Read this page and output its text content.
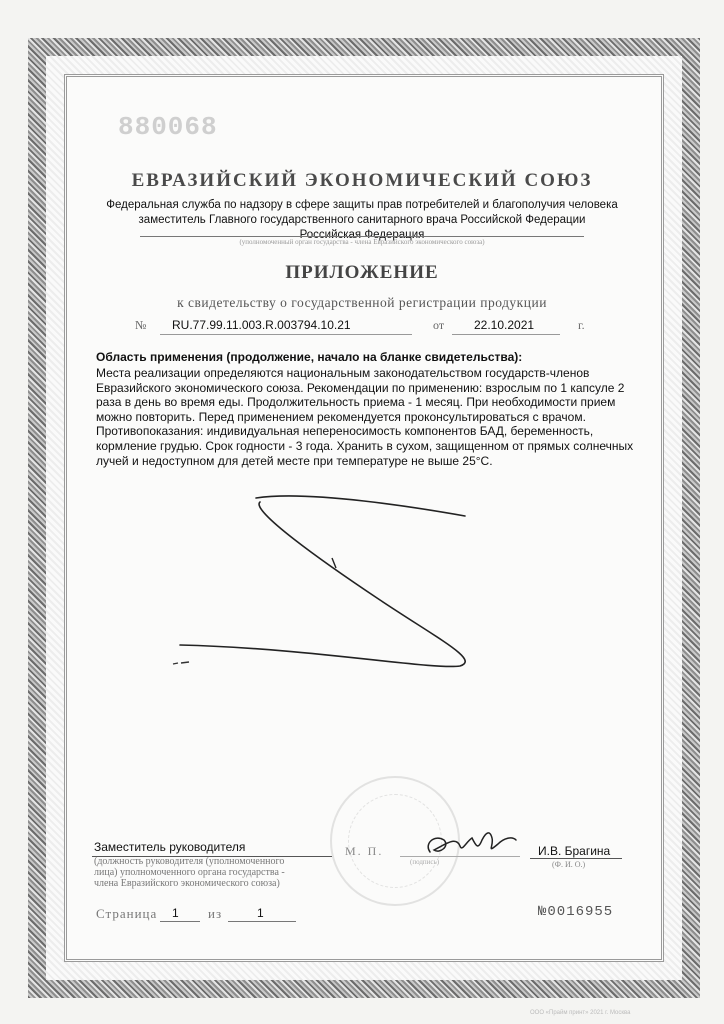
880068
ЕВРАЗИЙСКИЙ ЭКОНОМИЧЕСКИЙ СОЮЗ
Федеральная служба по надзору в сфере защиты прав потребителей и благополучия человека
заместитель Главного государственного санитарного врача Российской Федерации
Российская Федерация
(уполномоченный орган государства - члена Евразийского экономического союза)
ПРИЛОЖЕНИЕ
к свидетельству о государственной регистрации продукции
№ RU.77.99.11.003.R.003794.10.21	от 22.10.2021	г.
Область применения (продолжение, начало на бланке свидетельства):
Места реализации определяются национальным законодательством государств-членов
Евразийского экономического союза. Рекомендации по применению: взрослым по 1 капсуле 2
раза в день во время еды. Продолжительность приема - 1 месяц. При необходимости прием
можно повторить. Перед применением рекомендуется проконсультироваться с врачом.
Противопоказания: индивидуальная непереносимость компонентов БАД, беременность,
кормление грудью. Срок годности - 3 года. Хранить в сухом, защищенном от прямых солнечных
лучей и недоступном для детей месте при температуре не выше 25°С.
Заместитель руководителя	М. П.
(подпись)
И.В. Брагина
(Ф. И. О.)
(должность руководителя (уполномоченного
лица) уполномоченного органа государства -
члена Евразийского экономического союза)
Страница 1 из	1	№0016955
ООО «Прайм принт» 2021 г. Москва
